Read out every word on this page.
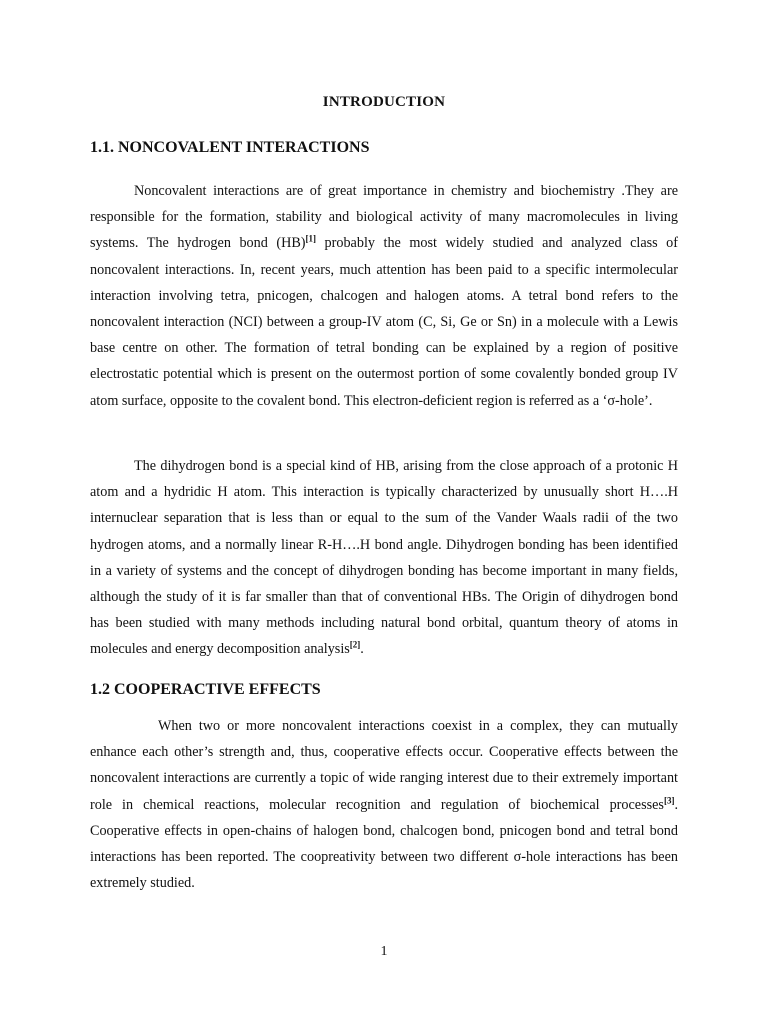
INTRODUCTION
1.1. NONCOVALENT INTERACTIONS

Noncovalent interactions are of great importance in chemistry and biochemistry .They are responsible for the formation, stability and biological activity of many macromolecules in living systems. The hydrogen bond (HB)[1] probably the most widely studied and analyzed class of noncovalent interactions. In, recent years, much attention has been paid to a specific intermolecular interaction involving tetra, pnicogen, chalcogen and halogen atoms. A tetral bond refers to the noncovalent interaction (NCI) between a group-IV atom (C, Si, Ge or Sn) in a molecule with a Lewis base centre on other. The formation of tetral bonding can be explained by a region of positive electrostatic potential which is present on the outermost portion of some covalently bonded group IV atom surface, opposite to the covalent bond. This electron-deficient region is referred as a ‘σ-hole’.

The dihydrogen bond is a special kind of HB, arising from the close approach of a protonic H atom and a hydridic H atom. This interaction is typically characterized by unusually short H….H internuclear separation that is less than or equal to the sum of the Vander Waals radii of the two hydrogen atoms, and a normally linear R-H….H bond angle. Dihydrogen bonding has been identified in a variety of systems and the concept of dihydrogen bonding has become important in many fields, although the study of it is far smaller than that of conventional HBs. The Origin of dihydrogen bond has been studied with many methods including natural bond orbital, quantum theory of atoms in molecules and energy decomposition analysis[2].

1.2 COOPERACTIVE EFFECTS

When two or more noncovalent interactions coexist in a complex, they can mutually enhance each other’s strength and, thus, cooperative effects occur. Cooperative effects between the noncovalent interactions are currently a topic of wide ranging interest due to their extremely important role in chemical reactions, molecular recognition and regulation of biochemical processes[3]. Cooperative effects in open-chains of halogen bond, chalcogen bond, pnicogen bond and tetral bond interactions has been reported. The coopreativity between two different σ-hole interactions has been extremely studied.

1
